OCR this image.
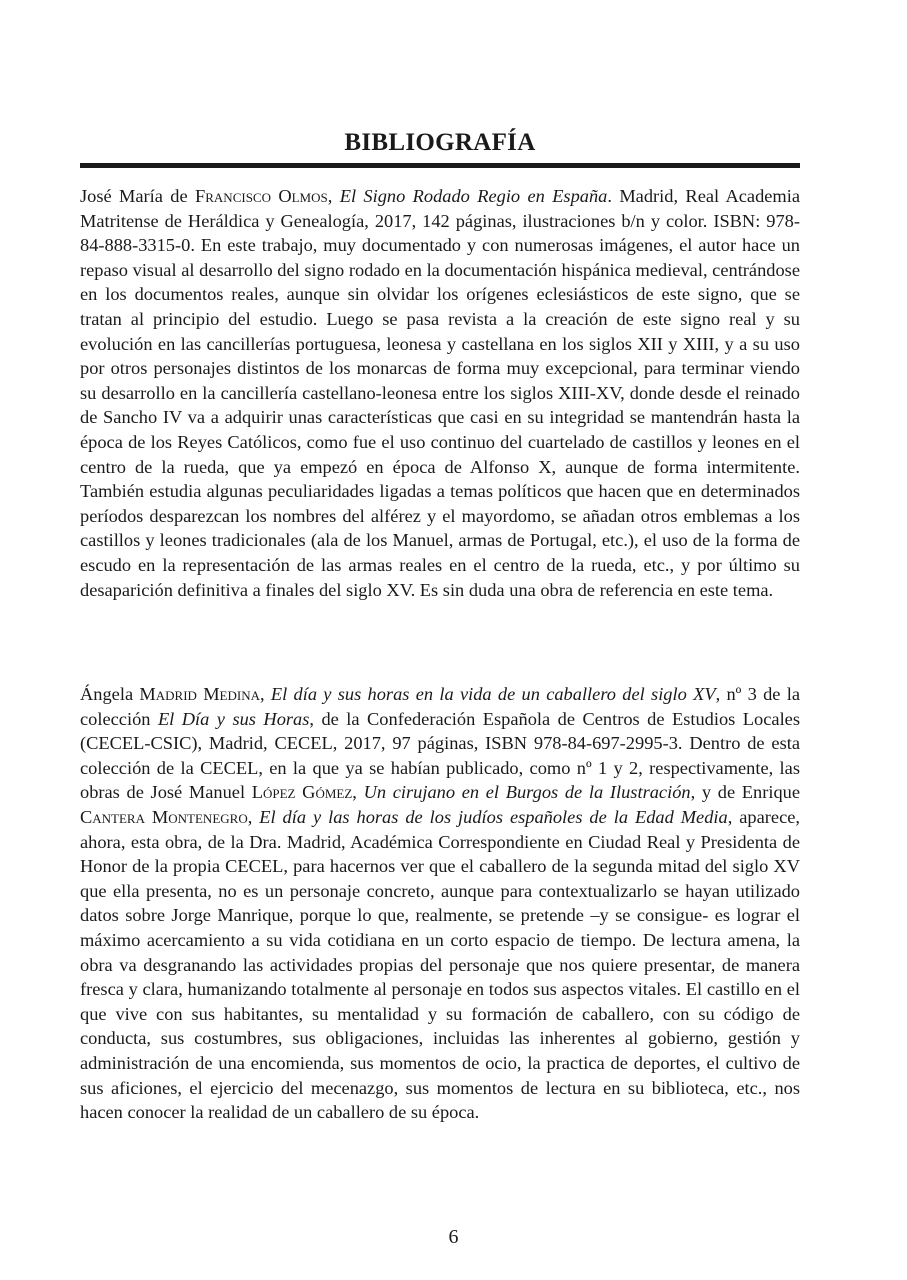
BIBLIOGRAFÍA

José María de Francisco Olmos, El Signo Rodado Regio en España. Madrid, Real Academia Matritense de Heráldica y Genealogía, 2017, 142 páginas, ilustraciones b/n y color. ISBN: 978-84-888-3315-0. En este trabajo, muy documentado y con numerosas imágenes, el autor hace un repaso visual al desarrollo del signo rodado en la documentación hispánica medieval, centrándose en los documentos reales, aunque sin olvidar los orígenes eclesiásticos de este signo, que se tratan al principio del estudio. Luego se pasa revista a la creación de este signo real y su evolución en las cancillerías portuguesa, leonesa y castellana en los siglos XII y XIII, y a su uso por otros personajes distintos de los monarcas de forma muy excepcional, para terminar viendo su desarrollo en la cancillería castellano-leonesa entre los siglos XIII-XV, donde desde el reinado de Sancho IV va a adquirir unas características que casi en su integridad se mantendrán hasta la época de los Reyes Católicos, como fue el uso continuo del cuartelado de castillos y leones en el centro de la rueda, que ya empezó en época de Alfonso X, aunque de forma intermitente. También estudia algunas peculiaridades ligadas a temas políticos que hacen que en determinados períodos desparezcan los nombres del alférez y el mayordomo, se añadan otros emblemas a los castillos y leones tradicionales (ala de los Manuel, armas de Portugal, etc.), el uso de la forma de escudo en la representación de las armas reales en el centro de la rueda, etc., y por último su desaparición definitiva a finales del siglo XV. Es sin duda una obra de referencia en este tema.

Ángela Madrid Medina, El día y sus horas en la vida de un caballero del siglo XV, nº 3 de la colección El Día y sus Horas, de la Confederación Española de Centros de Estudios Locales (CECEL-CSIC), Madrid, CECEL, 2017, 97 páginas, ISBN 978-84-697-2995-3. Dentro de esta colección de la CECEL, en la que ya se habían publicado, como nº 1 y 2, respectivamente, las obras de José Manuel López Gómez, Un cirujano en el Burgos de la Ilustración, y de Enrique Cantera Montenegro, El día y las horas de los judíos españoles de la Edad Media, aparece, ahora, esta obra, de la Dra. Madrid, Académica Correspondiente en Ciudad Real y Presidenta de Honor de la propia CECEL, para hacernos ver que el caballero de la segunda mitad del siglo XV que ella presenta, no es un personaje concreto, aunque para contextualizarlo se hayan utilizado datos sobre Jorge Manrique, porque lo que, realmente, se pretende –y se consigue- es lograr el máximo acercamiento a su vida cotidiana en un corto espacio de tiempo. De lectura amena, la obra va desgranando las actividades propias del personaje que nos quiere presentar, de manera fresca y clara, humanizando totalmente al personaje en todos sus aspectos vitales. El castillo en el que vive con sus habitantes, su mentalidad y su formación de caballero, con su código de conducta, sus costumbres, sus obligaciones, incluidas las inherentes al gobierno, gestión y administración de una encomienda, sus momentos de ocio, la practica de deportes, el cultivo de sus aficiones, el ejercicio del mecenazgo, sus momentos de lectura en su biblioteca, etc., nos hacen conocer la realidad de un caballero de su época.

6
